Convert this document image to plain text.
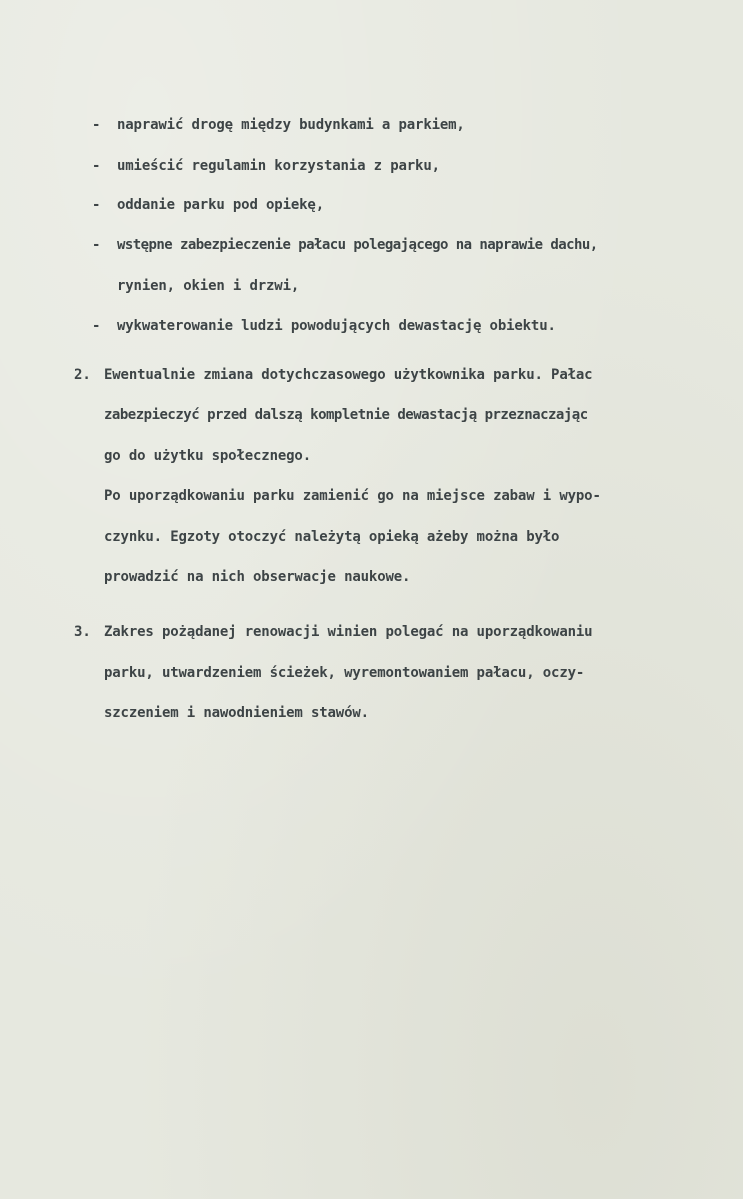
- naprawić drogę między budynkami a parkiem,
- umieścić regulamin korzystania z parku,
- oddanie parku pod opiekę,
- wstępne zabezpieczenie pałacu polegającego na naprawie dachu,
rynien, okien i drzwi,
- wykwaterowanie ludzi powodujących dewastację obiektu.
2. Ewentualnie zmiana dotychczasowego użytkownika parku. Pałac
zabezpieczyć przed dalszą kompletnie dewastacją przeznaczając
go do użytku społecznego.
Po uporządkowaniu parku zamienić go na miejsce zabaw i wypo-
czynku. Egzoty otoczyć należytą opieką ażeby można było
prowadzić na nich obserwacje naukowe.
3. Zakres pożądanej renowacji winien polegać na uporządkowaniu
parku, utwardzeniem ścieżek, wyremontowaniem pałacu, oczy-
szczeniem i nawodnieniem stawów.
